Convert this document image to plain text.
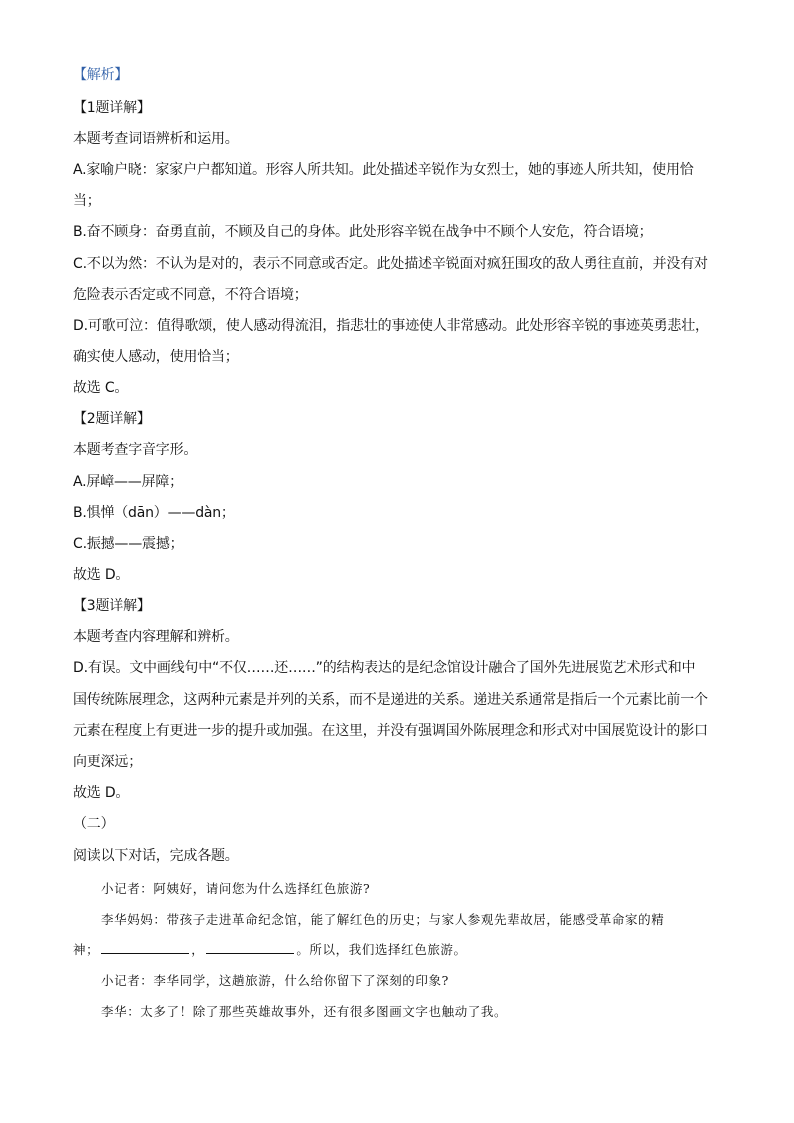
【解析】
【1题详解】
本题考查词语辨析和运用。
A.家喻户晓：家家户户都知道。形容人所共知。此处描述辛锐作为女烈士，她的事迹人所共知，使用恰
当；
B.奋不顾身：奋勇直前，不顾及自己的身体。此处形容辛锐在战争中不顾个人安危，符合语境；
C.不以为然：不认为是对的，表示不同意或否定。此处描述辛锐面对疯狂围攻的敌人勇往直前，并没有对
危险表示否定或不同意，不符合语境；
D.可歌可泣：值得歌颂，使人感动得流泪，指悲壮的事迹使人非常感动。此处形容辛锐的事迹英勇悲壮，
确实使人感动，使用恰当；
故选 C。
【2题详解】
本题考查字音字形。
A.屏嶂——屏障；
B.惧惮（dān）——dàn；
C.振撼——震撼；
故选 D。
【3题详解】
本题考查内容理解和辨析。
D.有误。文中画线句中“不仅……还……”的结构表达的是纪念馆设计融合了国外先进展览艺术形式和中
国传统陈展理念，这两种元素是并列的关系，而不是递进的关系。递进关系通常是指后一个元素比前一个
元素在程度上有更进一步的提升或加强。在这里，并没有强调国外陈展理念和形式对中国展览设计的影口
向更深远；
故选 D。
（二）
阅读以下对话，完成各题。
小记者：阿姨好，请问您为什么选择红色旅游?
李华妈妈：带孩子走进革命纪念馆，能了解红色的历史；与家人参观先辈故居，能感受革命家的精
神；	，	。所以，我们选择红色旅游。
小记者：李华同学，这趟旅游，什么给你留下了深刻的印象?
李华：太多了！除了那些英雄故事外，还有很多图画文字也触动了我。
